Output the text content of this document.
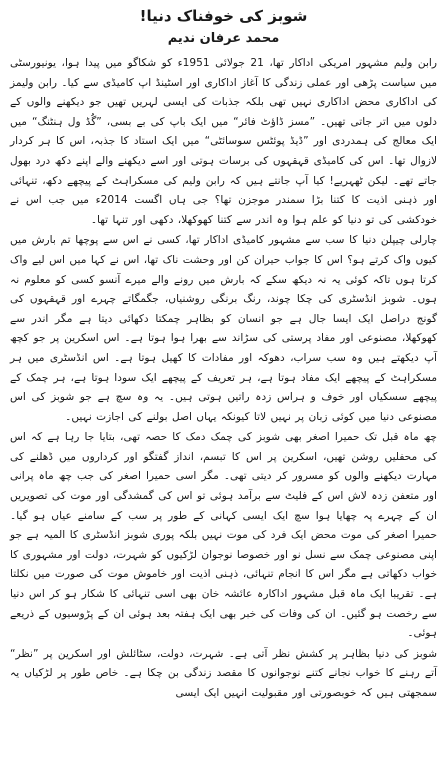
شوبز کی خوفناک دنیا!
محمد عرفان ندیم

رابن ولیم مشہور امریکی اداکار تھا، 21 جولائی 1951ء کو شکاگو میں پیدا ہوا، یونیورسٹی میں سیاست پڑھی اور عملی زندگی کا آغاز اداکاری اور اسٹینڈ اپ کامیڈی سے کیا۔ رابن ولیمز کی اداکاری محض اداکاری نہیں تھی بلکہ جذبات کی ایسی لہریں تھیں جو دیکھنے والوں کے دلوں میں اتر جاتی تھیں۔ ”مسز ڈاؤٹ فائر“ میں ایک باپ کی بے بسی، ”گُڈ ول ہنٹنگ“ میں ایک معالج کی ہمدردی اور ”ڈیڈ پوئٹس سوسائٹی“ میں ایک استاد کا جذبہ، اس کا ہر کردار لازوال تھا۔ اس کی کامیڈی قہقہوں کی برسات ہوتی اور اسے دیکھنے والے اپنے دکھ درد بھول جاتے تھے۔ لیکن ٹھہریے! کیا آپ جانتے ہیں کہ رابن ولیم کی مسکراہٹ کے پیچھے دکھ، تنہائی اور ذہنی اذیت کا کتنا بڑا سمندر موجزن تھا؟ جی ہاں اگست 2014ء میں جب اس نے خودکشی کی تو دنیا کو علم ہوا وہ اندر سے کتنا کھوکھلا، دکھی اور تنہا تھا۔

چارلی چیپلن دنیا کا سب سے مشہور کامیڈی اداکار تھا، کسی نے اس سے پوچھا تم بارش میں کیوں واک کرتے ہو؟ اس کا جواب حیران کن اور وحشت ناک تھا، اس نے کہا میں اس لیے واک کرتا ہوں تاکہ کوئی یہ نہ دیکھ سکے کہ بارش میں رونے والے میرے آنسو کسی کو معلوم نہ ہوں۔ شوبز انڈسٹری کی چکا چوند، رنگ برنگی روشنیاں، جگمگاتے چہرے اور قہقہوں کی گونج دراصل ایک ایسا جال ہے جو انسان کو بظاہر چمکتا دکھائی دیتا ہے مگر اندر سے کھوکھلا، مصنوعی اور مفاد پرستی کی سڑاند سے بھرا ہوا ہوتا ہے۔ اس اسکرین پر جو کچھ آپ دیکھتے ہیں وہ سب سراب، دھوکہ اور مفادات کا کھیل ہوتا ہے۔ اس انڈسٹری میں ہر مسکراہٹ کے پیچھے ایک مفاد ہوتا ہے، ہر تعریف کے پیچھے ایک سودا ہوتا ہے، ہر چمک کے پیچھے سسکیاں اور خوف و ہراس زدہ راتیں ہوتی ہیں۔ یہ وہ سچ ہے جو شوبز کی اس مصنوعی دنیا میں کوئی زبان پر نہیں لاتا کیونکہ یہاں اصل بولنے کی اجازت نہیں۔

چھ ماہ قبل تک حمیرا اصغر بھی شوبز کی چمک دمک کا حصہ تھی، بتایا جا رہا ہے کہ اس کی محفلیں روشن تھیں، اسکرین پر اس کا تبسم، انداز گفتگو اور کرداروں میں ڈھلنے کی مہارت دیکھنے والوں کو مسرور کر دیتی تھی۔ مگر اسی حمیرا اصغر کی جب چھ ماہ پرانی اور متعفن زدہ لاش اس کے فلیٹ سے برآمد ہوئی تو اس کی گمشدگی اور موت کی تصویریں ان کے چہرے پہ چھایا ہوا سچ ایک ایسی کہانی کے طور پر سب کے سامنے عیاں ہو گیا۔ حمیرا اصغر کی موت محض ایک فرد کی موت نہیں بلکہ پوری شوبز انڈسٹری کا المیہ ہے جو اپنی مصنوعی چمک سے نسل نو اور خصوصا نوجوان لڑکیوں کو شہرت، دولت اور مشہوری کا خواب دکھاتی ہے مگر اس کا انجام تنہائی، ذہنی اذیت اور خاموش موت کی صورت میں نکلتا ہے۔ تقریبا ایک ماہ قبل مشہور اداکارہ عائشہ خان بھی اسی تنہائی کا شکار ہو کر اس دنیا سے رخصت ہو گئیں۔ ان کی وفات کی خبر بھی ایک ہفتہ بعد ہوئی ان کے پڑوسیوں کے ذریعے ہوئی۔

شوبز کی دنیا بظاہر پر کشش نظر آتی ہے۔ شہرت، دولت، سٹائلش اور اسکرین پر ”نظر“ آتے رہنے کا خواب نجانے کتنے نوجوانوں کا مقصد زندگی بن چکا ہے۔ خاص طور پر لڑکیاں یہ سمجھتی ہیں کہ خوبصورتی اور مقبولیت انہیں ایک ایسی
